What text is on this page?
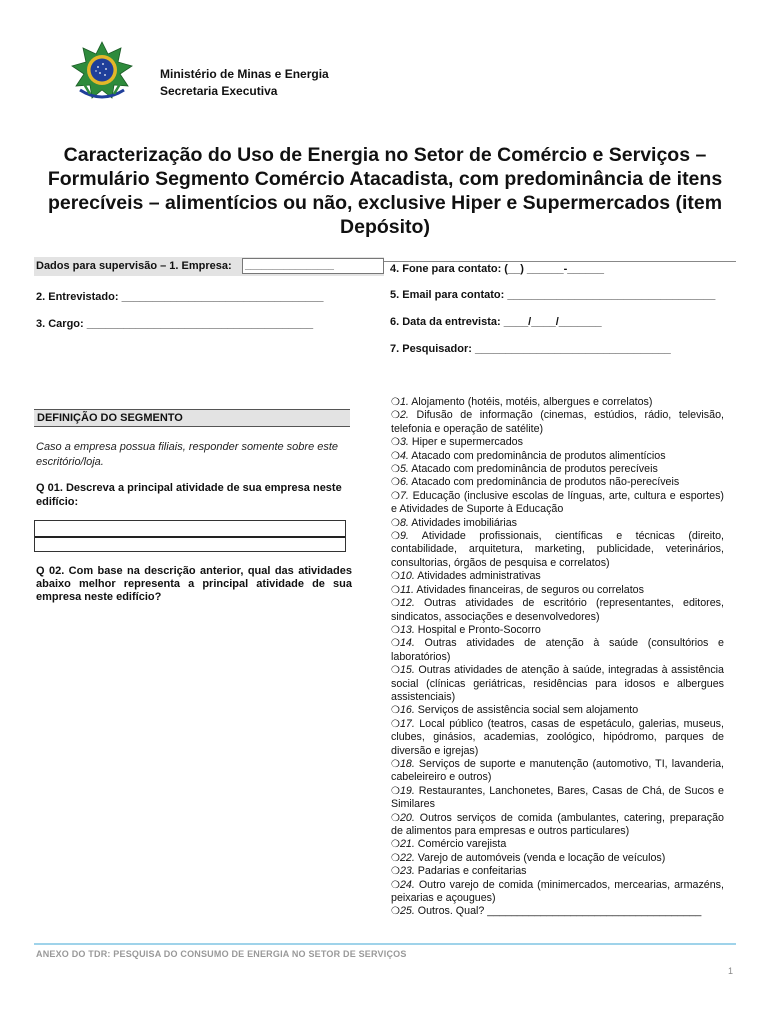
Ministério de Minas e Energia
Secretaria Executiva
Caracterização do Uso de Energia no Setor de Comércio e Serviços – Formulário Segmento Comércio Atacadista, com predominância de itens perecíveis – alimentícios ou não, exclusive Hiper e Supermercados (item Depósito)
Dados para supervisão – 1. Empresa:	________________	4. Fone para contato: (__) ______-______
2. Entrevistado: _________________________________	5. Email para contato: __________________________________
3. Cargo: _____________________________________	6. Data da entrevista: ____/____/_______
7. Pesquisador: ________________________________
DEFINIÇÃO DO SEGMENTO
Caso a empresa possua filiais, responder somente sobre este escritório/loja.
Q 01. Descreva a principal atividade de sua empresa neste edifício:
Q 02. Com base na descrição anterior, qual das atividades abaixo melhor representa a principal atividade de sua empresa neste edifício?
❍1. Alojamento (hotéis, motéis, albergues e correlatos)
❍2. Difusão de informação (cinemas, estúdios, rádio, televisão, telefonia e operação de satélite)
❍3. Hiper e supermercados
❍4. Atacado com predominância de produtos alimentícios
❍5. Atacado com predominância de produtos perecíveis
❍6. Atacado com predominância de produtos não-perecíveis
❍7. Educação (inclusive escolas de línguas, arte, cultura e esportes) e Atividades de Suporte à Educação
❍8. Atividades imobiliárias
❍9. Atividade profissionais, científicas e técnicas (direito, contabilidade, arquitetura, marketing, publicidade, veterinários, consultorias, órgãos de pesquisa e correlatos)
❍10. Atividades administrativas
❍11. Atividades financeiras, de seguros ou correlatos
❍12. Outras atividades de escritório (representantes, editores, sindicatos, associações e desenvolvedores)
❍13. Hospital e Pronto-Socorro
❍14. Outras atividades de atenção à saúde (consultórios e laboratórios)
❍15. Outras atividades de atenção à saúde, integradas à assistência social (clínicas geriátricas, residências para idosos e albergues assistenciais)
❍16. Serviços de assistência social sem alojamento
❍17. Local público (teatros, casas de espetáculo, galerias, museus, clubes, ginásios, academias, zoológico, hipódromo, parques de diversão e igrejas)
❍18. Serviços de suporte e manutenção (automotivo, TI, lavanderia, cabeleireiro e outros)
❍19. Restaurantes, Lanchonetes, Bares, Casas de Chá, de Sucos e Similares
❍20. Outros serviços de comida (ambulantes, catering, preparação de alimentos para empresas e outros particulares)
❍21. Comércio varejista
❍22. Varejo de automóveis (venda e locação de veículos)
❍23. Padarias e confeitarias
❍24. Outro varejo de comida (minimercados, mercearias, armazéns, peixarias e açougues)
❍25. Outros. Qual? ____________________________________
ANEXO DO TDR: PESQUISA DO CONSUMO DE ENERGIA NO SETOR DE SERVIÇOS
1
